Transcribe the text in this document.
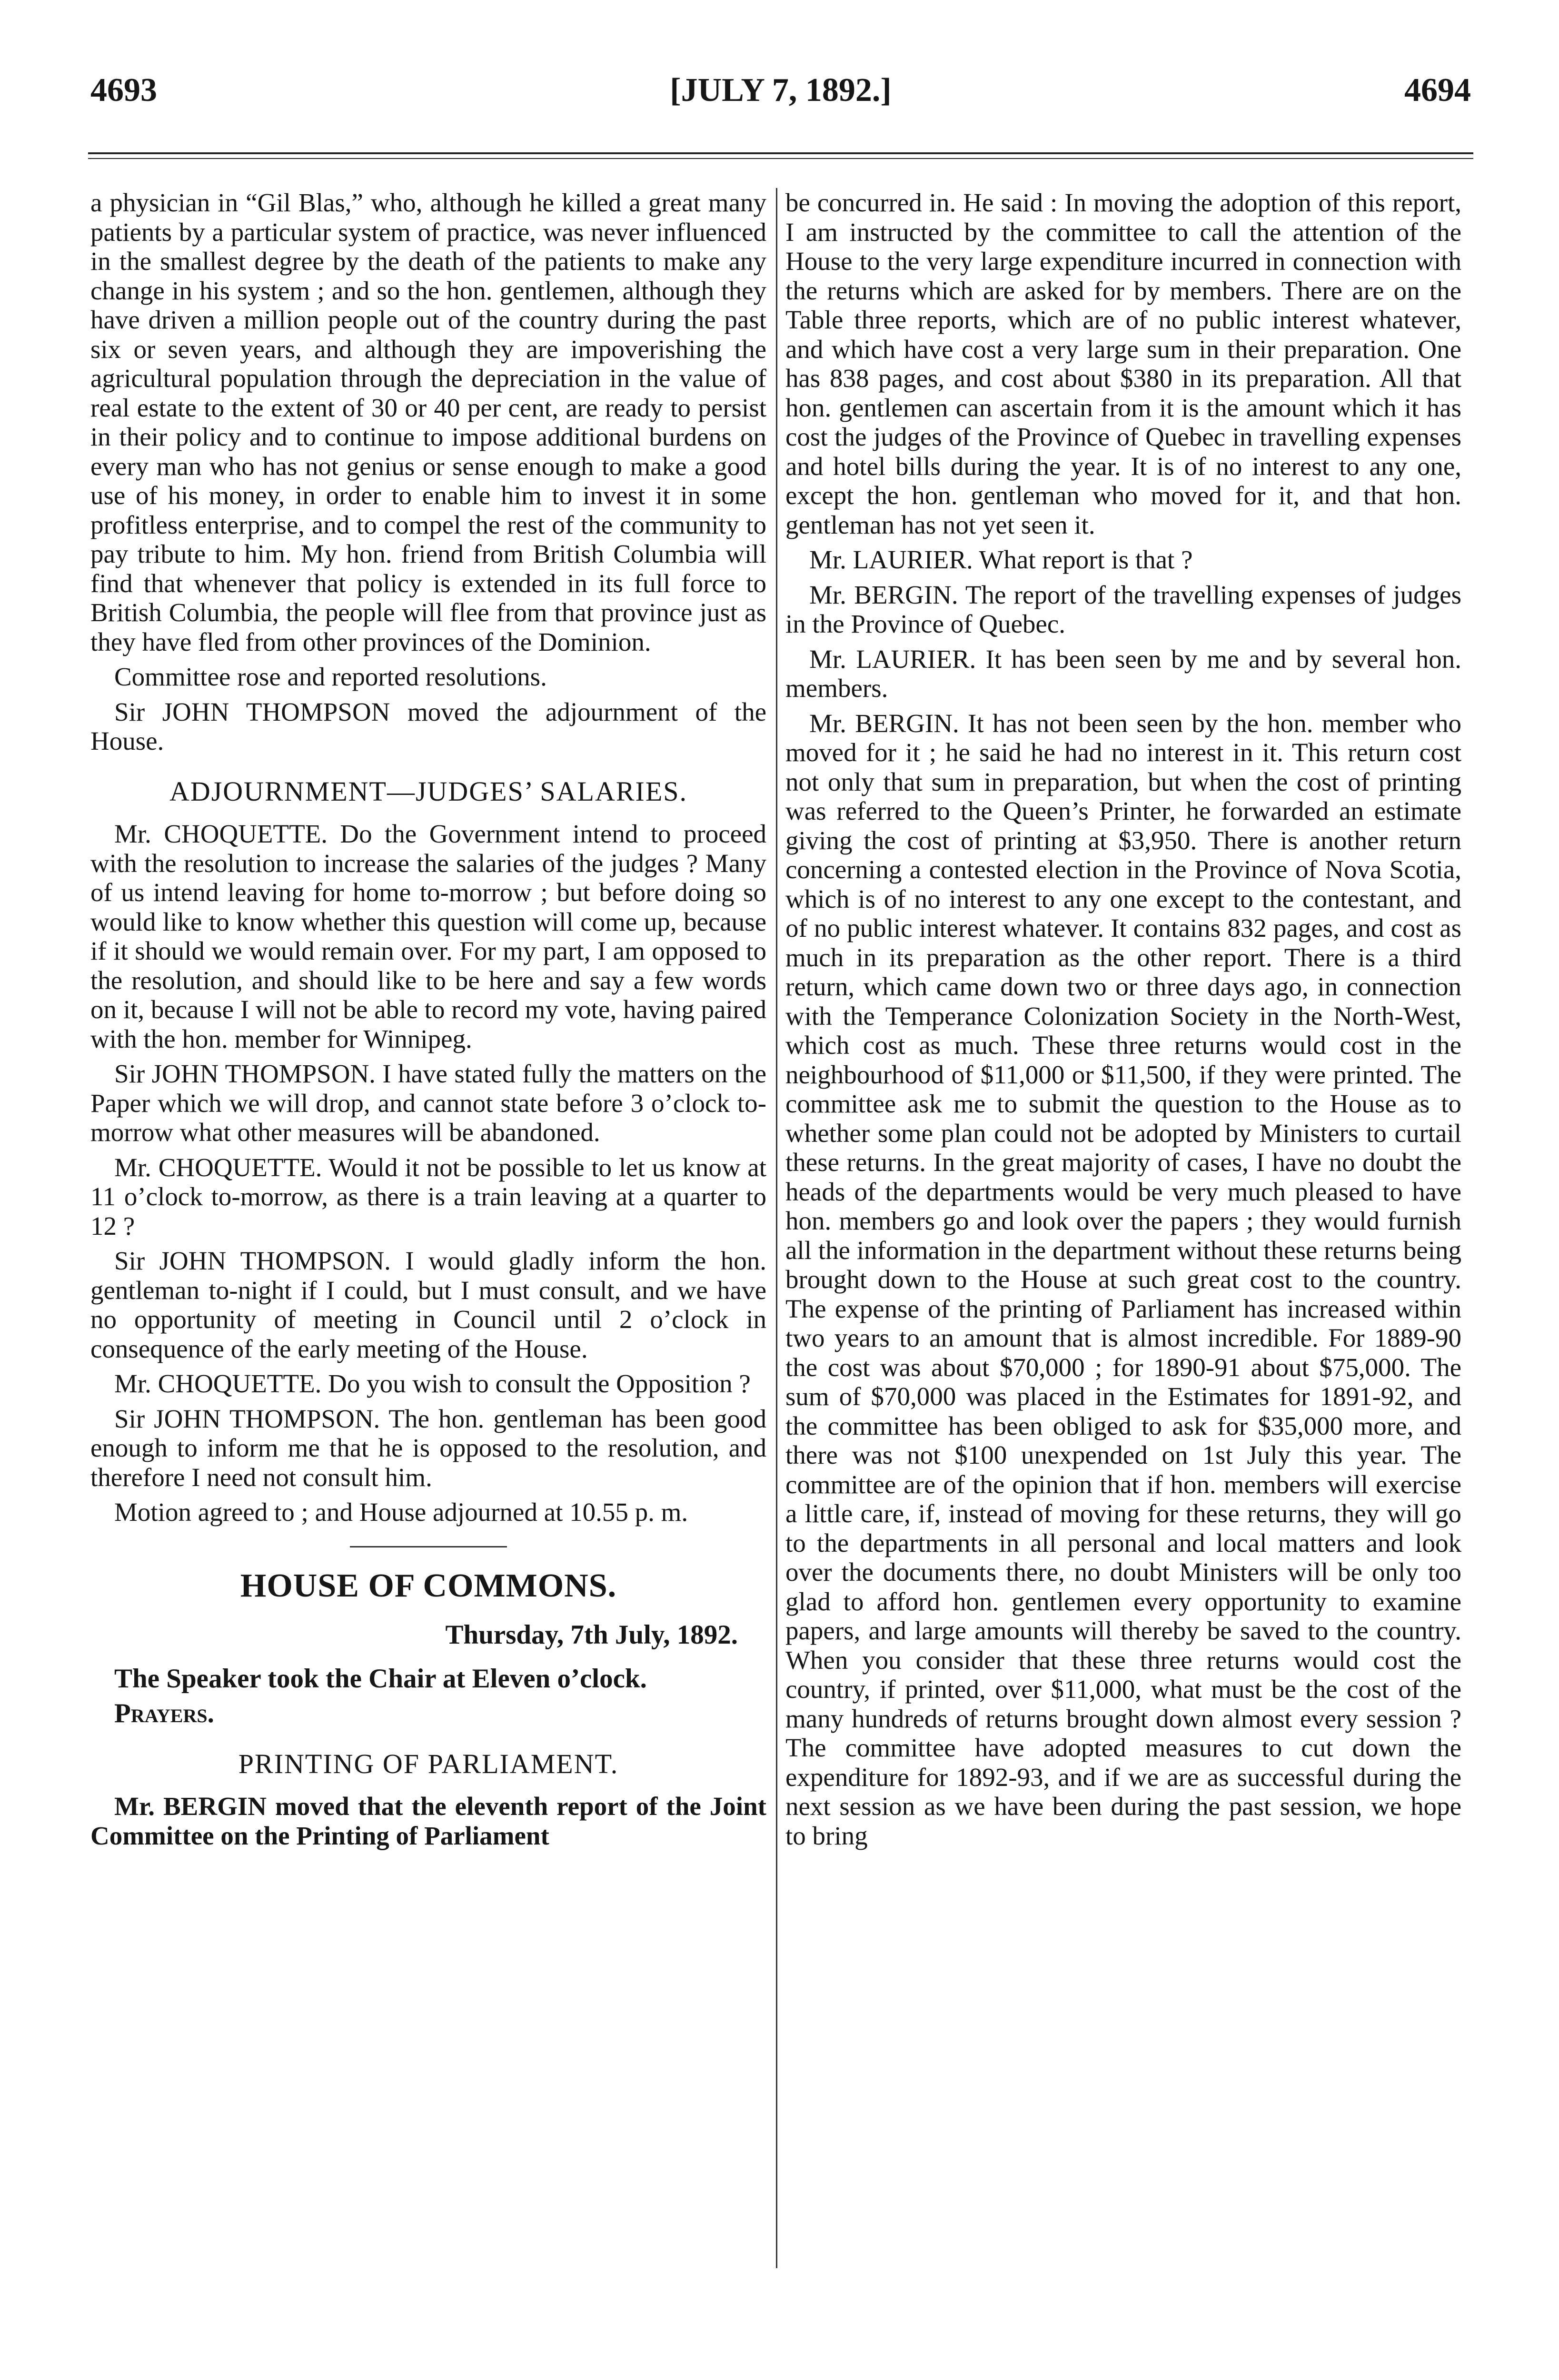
4693	[JULY 7, 1892.]	4694

a physician in “Gil Blas,” who, although he killed a great many patients by a particular system of practice, was never influenced in the smallest degree by the death of the patients to make any change in his system ; and so the hon. gentlemen, although they have driven a million people out of the country during the past six or seven years, and although they are impoverishing the agricultural population through the depreciation in the value of real estate to the extent of 30 or 40 per cent, are ready to persist in their policy and to continue to impose additional burdens on every man who has not genius or sense enough to make a good use of his money, in order to enable him to invest it in some profitless enterprise, and to compel the rest of the community to pay tribute to him. My hon. friend from British Columbia will find that whenever that policy is extended in its full force to British Columbia, the people will flee from that province just as they have fled from other provinces of the Dominion.

Committee rose and reported resolutions.

Sir JOHN THOMPSON moved the adjournment of the House.

ADJOURNMENT—JUDGES’ SALARIES.

Mr. CHOQUETTE. Do the Government intend to proceed with the resolution to increase the salaries of the judges ? Many of us intend leaving for home to-morrow ; but before doing so would like to know whether this question will come up, because if it should we would remain over. For my part, I am opposed to the resolution, and should like to be here and say a few words on it, because I will not be able to record my vote, having paired with the hon. member for Winnipeg.

Sir JOHN THOMPSON. I have stated fully the matters on the Paper which we will drop, and cannot state before 3 o’clock to-morrow what other measures will be abandoned.

Mr. CHOQUETTE. Would it not be possible to let us know at 11 o’clock to-morrow, as there is a train leaving at a quarter to 12 ?

Sir JOHN THOMPSON. I would gladly inform the hon. gentleman to-night if I could, but I must consult, and we have no opportunity of meeting in Council until 2 o’clock in consequence of the early meeting of the House.

Mr. CHOQUETTE. Do you wish to consult the Opposition ?

Sir JOHN THOMPSON. The hon. gentleman has been good enough to inform me that he is opposed to the resolution, and therefore I need not consult him.

Motion agreed to ; and House adjourned at 10.55 p. m.

HOUSE OF COMMONS.
Thursday, 7th July, 1892.

The Speaker took the Chair at Eleven o’clock.

Prayers.

PRINTING OF PARLIAMENT.

Mr. BERGIN moved that the eleventh report of the Joint Committee on the Printing of Parliament

be concurred in. He said : In moving the adoption of this report, I am instructed by the committee to call the attention of the House to the very large expenditure incurred in connection with the returns which are asked for by members. There are on the Table three reports, which are of no public interest whatever, and which have cost a very large sum in their preparation. One has 838 pages, and cost about $380 in its preparation. All that hon. gentlemen can ascertain from it is the amount which it has cost the judges of the Province of Quebec in travelling expenses and hotel bills during the year. It is of no interest to any one, except the hon. gentleman who moved for it, and that hon. gentleman has not yet seen it.

Mr. LAURIER. What report is that ?

Mr. BERGIN. The report of the travelling expenses of judges in the Province of Quebec.

Mr. LAURIER. It has been seen by me and by several hon. members.

Mr. BERGIN. It has not been seen by the hon. member who moved for it ; he said he had no interest in it. This return cost not only that sum in preparation, but when the cost of printing was referred to the Queen’s Printer, he forwarded an estimate giving the cost of printing at $3,950. There is another return concerning a contested election in the Province of Nova Scotia, which is of no interest to any one except to the contestant, and of no public interest whatever. It contains 832 pages, and cost as much in its preparation as the other report. There is a third return, which came down two or three days ago, in connection with the Temperance Colonization Society in the North-West, which cost as much. These three returns would cost in the neighbourhood of $11,000 or $11,500, if they were printed. The committee ask me to submit the question to the House as to whether some plan could not be adopted by Ministers to curtail these returns. In the great majority of cases, I have no doubt the heads of the departments would be very much pleased to have hon. members go and look over the papers ; they would furnish all the information in the department without these returns being brought down to the House at such great cost to the country. The expense of the printing of Parliament has increased within two years to an amount that is almost incredible. For 1889-90 the cost was about $70,000 ; for 1890-91 about $75,000. The sum of $70,000 was placed in the Estimates for 1891-92, and the committee has been obliged to ask for $35,000 more, and there was not $100 unexpended on 1st July this year. The committee are of the opinion that if hon. members will exercise a little care, if, instead of moving for these returns, they will go to the departments in all personal and local matters and look over the documents there, no doubt Ministers will be only too glad to afford hon. gentlemen every opportunity to examine papers, and large amounts will thereby be saved to the country. When you consider that these three returns would cost the country, if printed, over $11,000, what must be the cost of the many hundreds of returns brought down almost every session ? The committee have adopted measures to cut down the expenditure for 1892-93, and if we are as successful during the next session as we have been during the past session, we hope to bring
